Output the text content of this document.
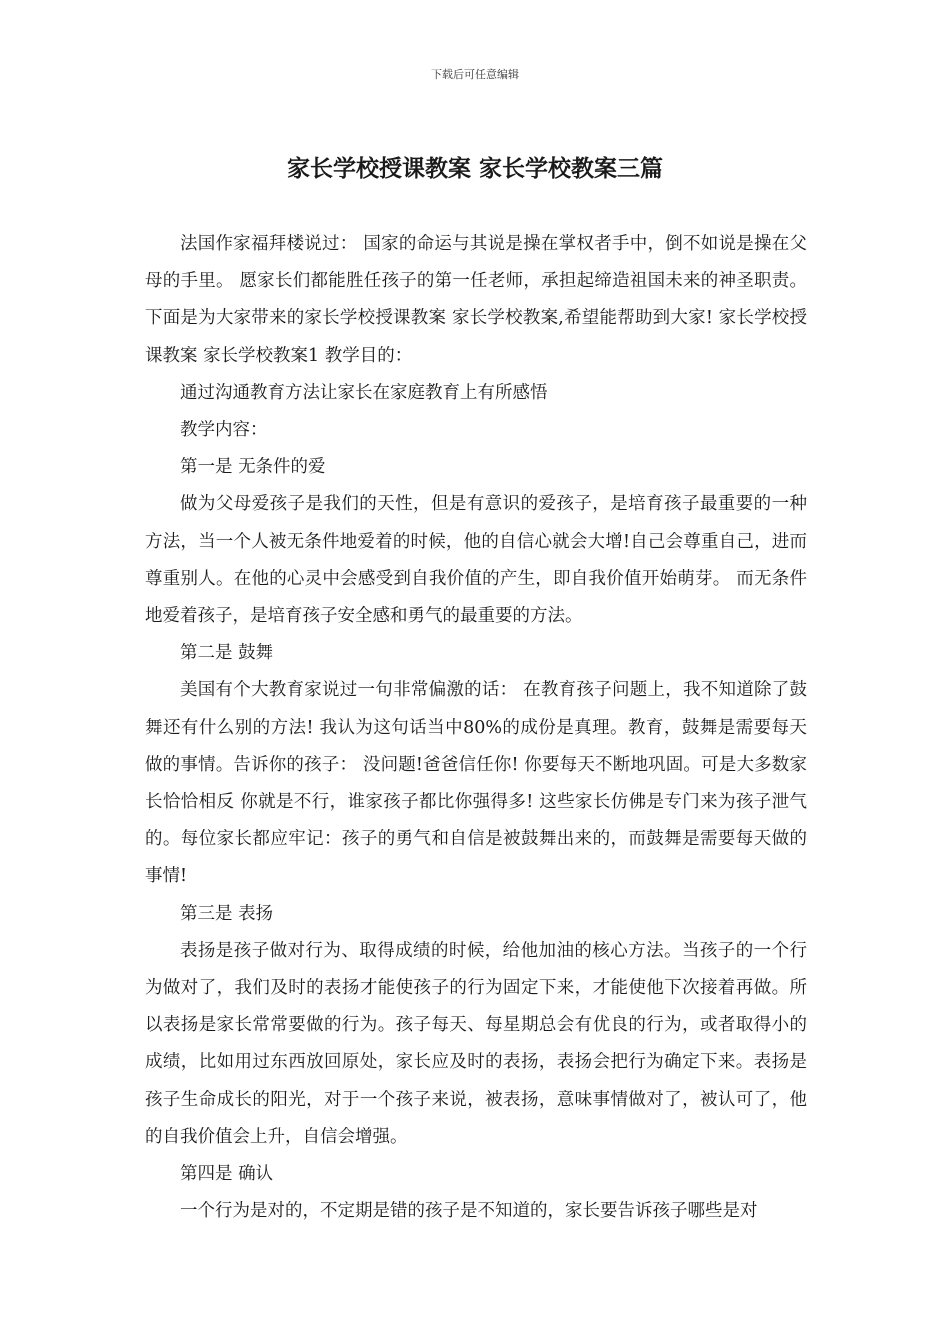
下载后可任意编辑
家长学校授课教案 家长学校教案三篇

法国作家福拜楼说过： 国家的命运与其说是操在掌权者手中，倒不如说是操在父母的手里。 愿家长们都能胜任孩子的第一任老师，承担起缔造祖国未来的神圣职责。下面是为大家带来的家长学校授课教案 家长学校教案,希望能帮助到大家! 家长学校授课教案 家长学校教案1 教学目的：

通过沟通教育方法让家长在家庭教育上有所感悟

教学内容：

第一是 无条件的爱

做为父母爱孩子是我们的天性，但是有意识的爱孩子，是培育孩子最重要的一种方法，当一个人被无条件地爱着的时候，他的自信心就会大增!自己会尊重自己，进而尊重别人。在他的心灵中会感受到自我价值的产生，即自我价值开始萌芽。 而无条件地爱着孩子，是培育孩子安全感和勇气的最重要的方法。

第二是 鼓舞

美国有个大教育家说过一句非常偏激的话： 在教育孩子问题上，我不知道除了鼓舞还有什么别的方法! 我认为这句话当中80%的成份是真理。教育，鼓舞是需要每天做的事情。告诉你的孩子： 没问题!爸爸信任你! 你要每天不断地巩固。可是大多数家长恰恰相反 你就是不行，谁家孩子都比你强得多! 这些家长仿佛是专门来为孩子泄气的。每位家长都应牢记：孩子的勇气和自信是被鼓舞出来的，而鼓舞是需要每天做的事情!

第三是 表扬

表扬是孩子做对行为、取得成绩的时候，给他加油的核心方法。当孩子的一个行为做对了，我们及时的表扬才能使孩子的行为固定下来，才能使他下次接着再做。所以表扬是家长常常要做的行为。孩子每天、每星期总会有优良的行为，或者取得小的成绩，比如用过东西放回原处，家长应及时的表扬，表扬会把行为确定下来。表扬是孩子生命成长的阳光，对于一个孩子来说，被表扬，意味事情做对了，被认可了，他的自我价值会上升，自信会增强。

第四是 确认

一个行为是对的，不定期是错的孩子是不知道的，家长要告诉孩子哪些是对
